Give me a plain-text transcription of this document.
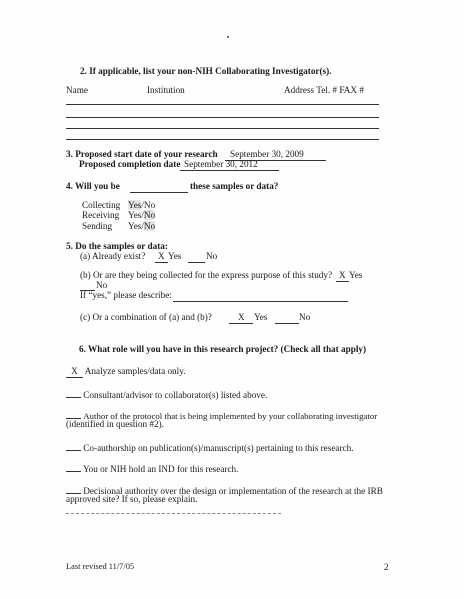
2. If applicable, list your non-NIH Collaborating Investigator(s).
Name	Institution	Address Tel. # FAX #
3. Proposed start date of your research September 30, 2009
Proposed completion date September 30, 2012
4. Will you be	these samples or data?
Collecting Yes/No
Receiving Yes/No
Sending Yes/No
5. Do the samples or data:
(a) Already exist? X Yes	No
(b) Or are they being collected for the express purpose of this study? X Yes
No
If “yes,” please describe:
(c) Or a combination of (a) and (b)?	X Yes	No
6. What role will you have in this research project? (Check all that apply)
X Analyze samples/data only.
Consultant/advisor to collaborator(s) listed above.
Author of the protocol that is being implemented by your collaborating investigator
(identified in question #2).
Co-authorship on publication(s)/manuscript(s) pertaining to this research.
You or NIH hold an IND for this research.
Decisional authority over the design or implementation of the research at the IRB
approved site? If so, please explain.
Last revised 11/7/05	2
